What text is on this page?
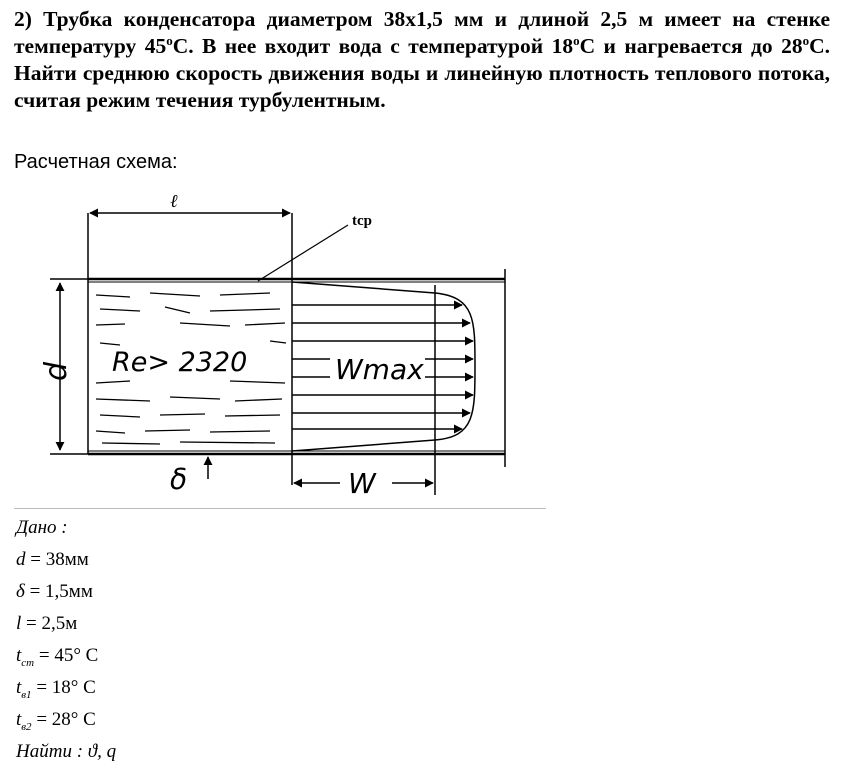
2) Трубка конденсатора диаметром 38x1,5 мм и длиной 2,5 м имеет на стенке температуру 45$^o$С. В нее входит вода с температурой 18$^o$С и нагревается до 28$^o$С. Найти среднюю скорость движения воды и линейную плотность теплового потока, считая режим течения турбулентным.

Расчетная схема:

ℓ
tср
d Re> 2320	Wmax
W
δ
Дано :
d = 38мм
δ = 1,5мм
l = 2,5м
$t_{ст} = 45^\circ$ C
$t_{в1} = 18^\circ$ C
$t_{в2} = 28^\circ$ C
Найти : ϑ, q
